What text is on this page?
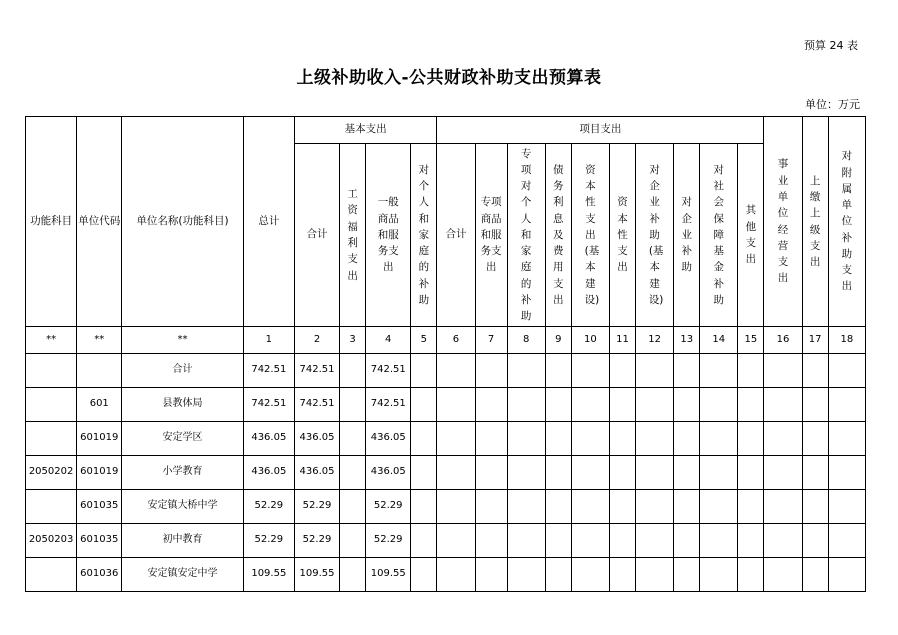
预算 24 表
上级补助收入-公共财政补助支出预算表
单位：万元
功能科目	单位代码	单位名称(功能科目)	总计	基本支出				项目支出										事业单位经营支出	上缴上级支出	对附属单位补助支出
				合计	工资福利支出	一般商品和服务支出	对个人和家庭的补助	合计	专项商品和服务支出	专项对个人和家庭的补助	债务利息及费用支出	资本性支出(基本建设)	资本性支出	对企业补助(基本建设)	对企业补助	对社会保障基金补助	其他支出			
**	**	**	1	2	3	4	5	6	7	8	9	10	11	12	13	14	15	16	17	18
		合计	742.51	742.51		742.51														
	601	县教体局	742.51	742.51		742.51														
	601019	安定学区	436.05	436.05		436.05														
2050202	601019	小学教育	436.05	436.05		436.05														
	601035	安定镇大桥中学	52.29	52.29		52.29														
2050203	601035	初中教育	52.29	52.29		52.29														
	601036	安定镇安定中学	109.55	109.55		109.55														
